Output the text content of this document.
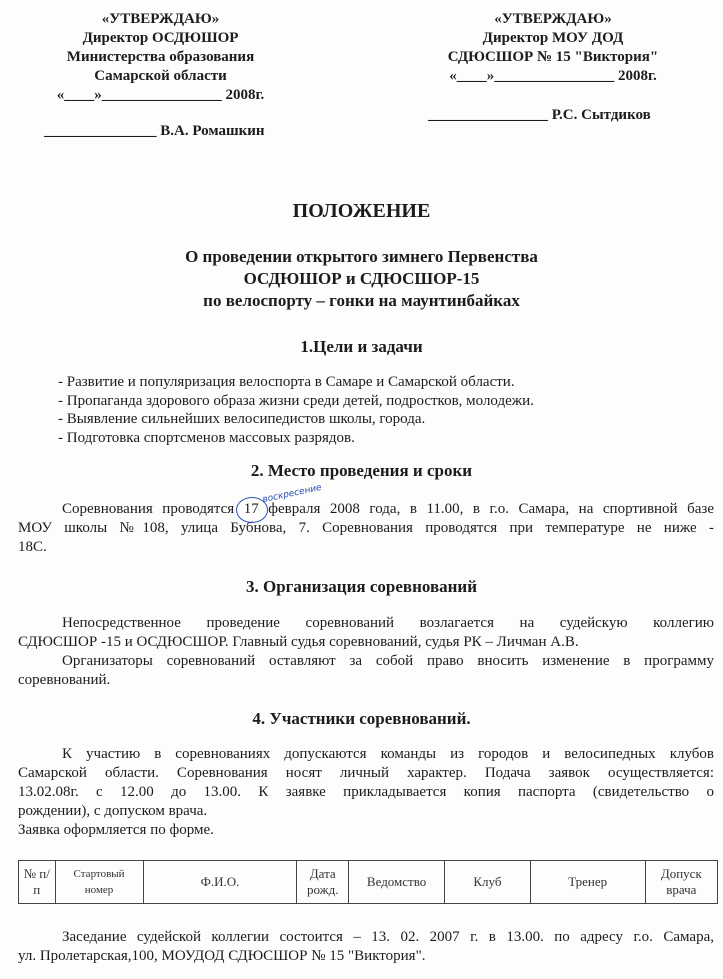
«УТВЕРЖДАЮ»
Директор ОСДЮШОР
Министерства образования
Самарской области
«____»________________ 2008г.
_______________ В.А. Ромашкин
«УТВЕРЖДАЮ»
Директор МОУ ДОД
СДЮСШОР № 15 "Виктория"
«____»________________ 2008г.
________________ Р.С. Сытдиков
ПОЛОЖЕНИЕ
О проведении открытого зимнего Первенства
ОСДЮШОР и СДЮСШОР-15
по велоспорту – гонки на маунтинбайках
1.Цели и задачи
- Развитие и популяризация велоспорта в Самаре и Самарской области.
- Пропаганда здорового образа жизни среди детей, подростков, молодежи.
- Выявление сильнейших велосипедистов школы, города.
- Подготовка спортсменов массовых разрядов.
2. Место проведения и сроки
Соревнования проводятся 17 февраля 2008 года, в 11.00, в г.о. Самара, на спортивной базе
МОУ школы №108, улица Бубнова, 7. Соревнования проводятся при температуре не ниже -
18С.
воскресение
3. Организация соревнований
Непосредственное проведение соревнований возлагается на судейскую коллегию
СДЮСШОР -15 и ОСДЮСШОР. Главный судья соревнований, судья РК – Личман А.В.
Организаторы соревнований оставляют за собой право вносить изменение в программу
соревнований.
4. Участники соревнований.
К участию в соревнованиях допускаются команды из городов и велосипедных клубов
Самарской области. Соревнования носят личный характер. Подача заявок осуществляется:
13.02.08г. с 12.00 до 13.00. К заявке прикладывается копия паспорта (свидетельство о
рождении), с допуском врача.
Заявка оформляется по форме.
№ п/п	Стартовый номер	Ф.И.О.	Дата рожд.	Ведомство	Клуб	Тренер	Допуск врача
Заседание судейской коллегии состоится – 13. 02. 2007 г. в 13.00. по адресу г.о. Самара,
ул. Пролетарская,100, МОУДОД СДЮСШОР № 15 "Виктория".
